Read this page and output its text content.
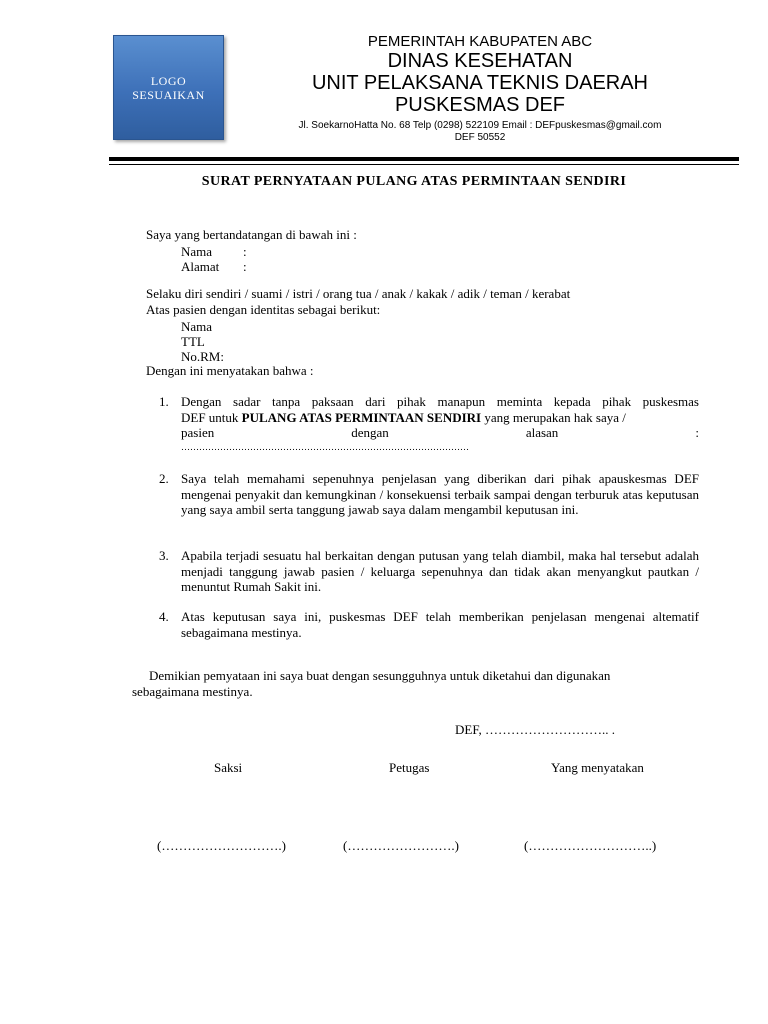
LOGO
SESUAIKAN
PEMERINTAH KABUPATEN ABC
DINAS KESEHATAN
UNIT PELAKSANA TEKNIS DAERAH
PUSKESMAS DEF
Jl. SoekarnoHatta No. 68 Telp (0298) 522109 Email : DEFpuskesmas@gmail.com
DEF 50552
SURAT PERNYATAAN PULANG ATAS PERMINTAAN SENDIRI
Saya yang bertandatangan di bawah ini :
Nama :
Alamat :
Selaku diri sendiri / suami / istri / orang tua / anak / kakak / adik / teman / kerabat
Atas pasien dengan identitas sebagai berikut:
Nama
TTL
No.RM:
Dengan ini menyatakan bahwa :
1. Dengan sadar tanpa paksaan dari pihak manapun meminta kepada pihak puskesmas
DEF untuk PULANG ATAS PERMINTAAN SENDIRI yang merupakan hak saya /
pasien	dengan	alasan	:
……………………………………………………………………………………
2. Saya telah memahami sepenuhnya penjelasan yang diberikan dari pihak apauskesmas DEF mengenai penyakit dan kemungkinan / konsekuensi terbaik sampai dengan terburuk atas keputusan yang saya ambil serta tanggung jawab saya dalam mengambil keputusan ini.
3. Apabila terjadi sesuatu hal berkaitan dengan putusan yang telah diambil, maka hal tersebut adalah menjadi tanggung jawab pasien / keluarga sepenuhnya dan tidak akan menyangkut pautkan / menuntut Rumah Sakit ini.
4. Atas keputusan saya ini, puskesmas DEF telah memberikan penjelasan mengenai altematif sebagaimana mestinya.
Demikian pemyataan ini saya buat dengan sesungguhnya untuk diketahui dan digunakan
sebagaimana mestinya.
DEF, ……………………….. .
Saksi	Petugas	Yang menyatakan
(……………………….)	(…………………….)	(………………………..)
